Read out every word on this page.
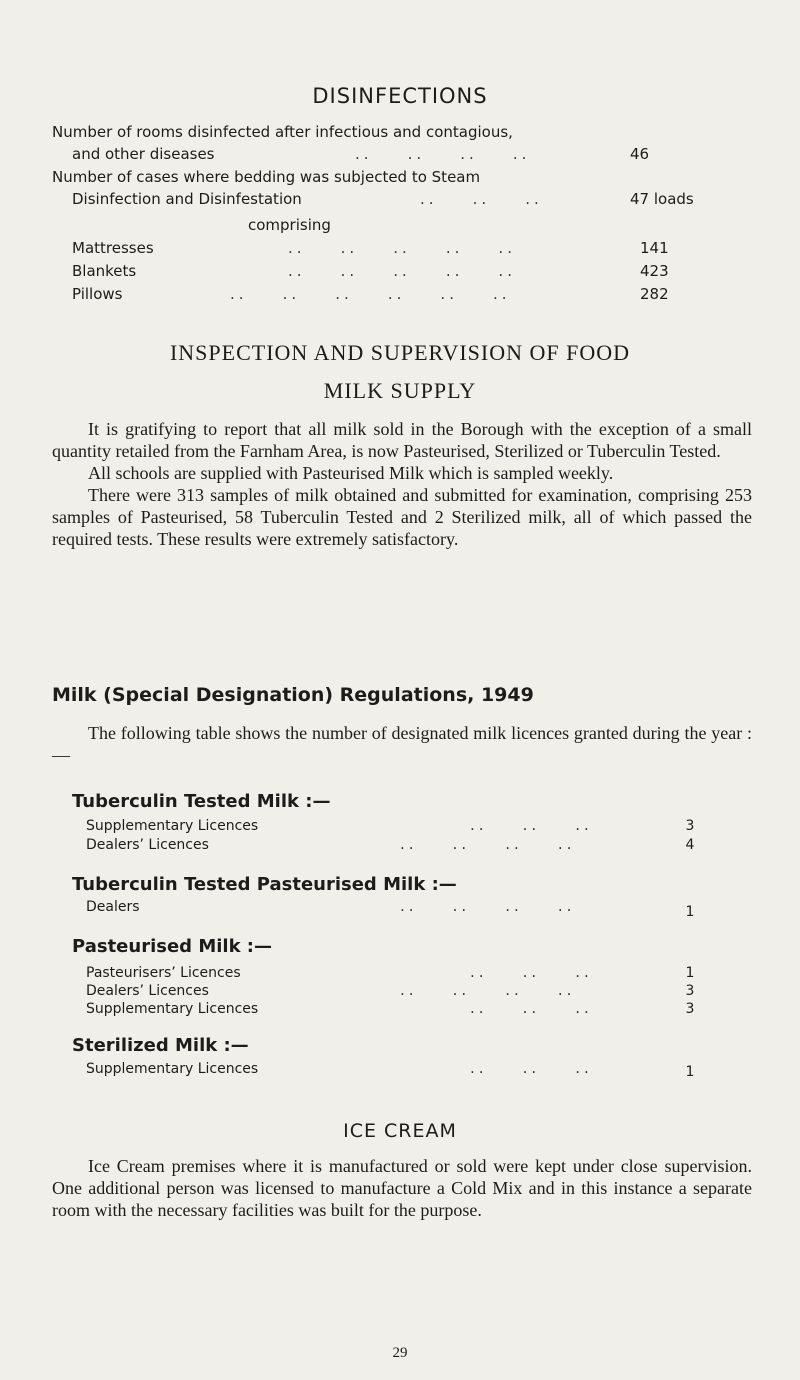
DISINFECTIONS
Number of rooms disinfected after infectious and contagious,
and other diseases	..    ..    ..    ..	46
Number of cases where bedding was subjected to Steam
Disinfection and Disinfestation	..    ..    ..	47 loads
comprising
Mattresses	..    ..    ..    ..    ..	141
Blankets	..    ..    ..    ..    ..	423
Pillows	..    ..    ..    ..    ..    ..	282
INSPECTION AND SUPERVISION OF FOOD
MILK SUPPLY

It is gratifying to report that all milk sold in the Borough with the exception of a small quantity retailed from the Farnham Area, is now Pasteurised, Sterilized or Tuberculin Tested.

All schools are supplied with Pasteurised Milk which is sampled weekly.

There were 313 samples of milk obtained and submitted for examination, comprising 253 samples of Pasteurised, 58 Tuberculin Tested and 2 Sterilized milk, all of which passed the required tests. These results were extremely satisfactory.

Milk (Special Designation) Regulations, 1949

The following table shows the number of designated milk licences granted during the year :—

Tuberculin Tested Milk :—
Supplementary Licences	..    ..    ..	3
Dealers’ Licences	..    ..    ..    ..	4
Tuberculin Tested Pasteurised Milk :—
Dealers	..    ..    ..    ..	1
Pasteurised Milk :—
Pasteurisers’ Licences	..    ..    ..	1
Dealers’ Licences	..    ..    ..    ..	3
Supplementary Licences	..    ..    ..	3
Sterilized Milk :—
Supplementary Licences	..    ..    ..	1
ICE CREAM

Ice Cream premises where it is manufactured or sold were kept under close supervision. One additional person was licensed to manufacture a Cold Mix and in this instance a separate room with the necessary facilities was built for the purpose.

29
